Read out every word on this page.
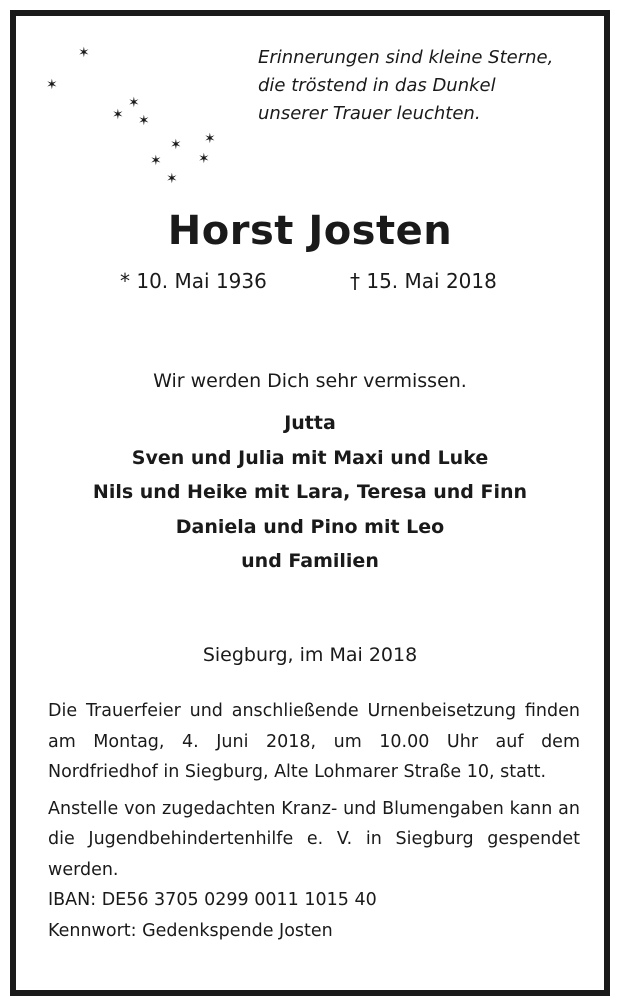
✶
✶
✶
✶ ✶
✶
✶
✶
✶
✶
Erinnerungen sind kleine Sterne,
die tröstend in das Dunkel
unserer Trauer leuchten.
Horst Josten
* 10. Mai 1936	† 15. Mai 2018
Wir werden Dich sehr vermissen.
Jutta
Sven und Julia mit Maxi und Luke
Nils und Heike mit Lara, Teresa und Finn
Daniela und Pino mit Leo
und Familien
Siegburg, im Mai 2018

Die Trauerfeier und anschließende Urnenbeisetzung finden am Montag, 4. Juni 2018, um 10.00 Uhr auf dem Nordfriedhof in Siegburg, Alte Lohmarer Straße 10, statt.

Anstelle von zugedachten Kranz- und Blumengaben kann an die Jugendbehindertenhilfe e. V. in Siegburg gespendet werden.

IBAN: DE56 3705 0299 0011 1015 40

Kennwort: Gedenkspende Josten
